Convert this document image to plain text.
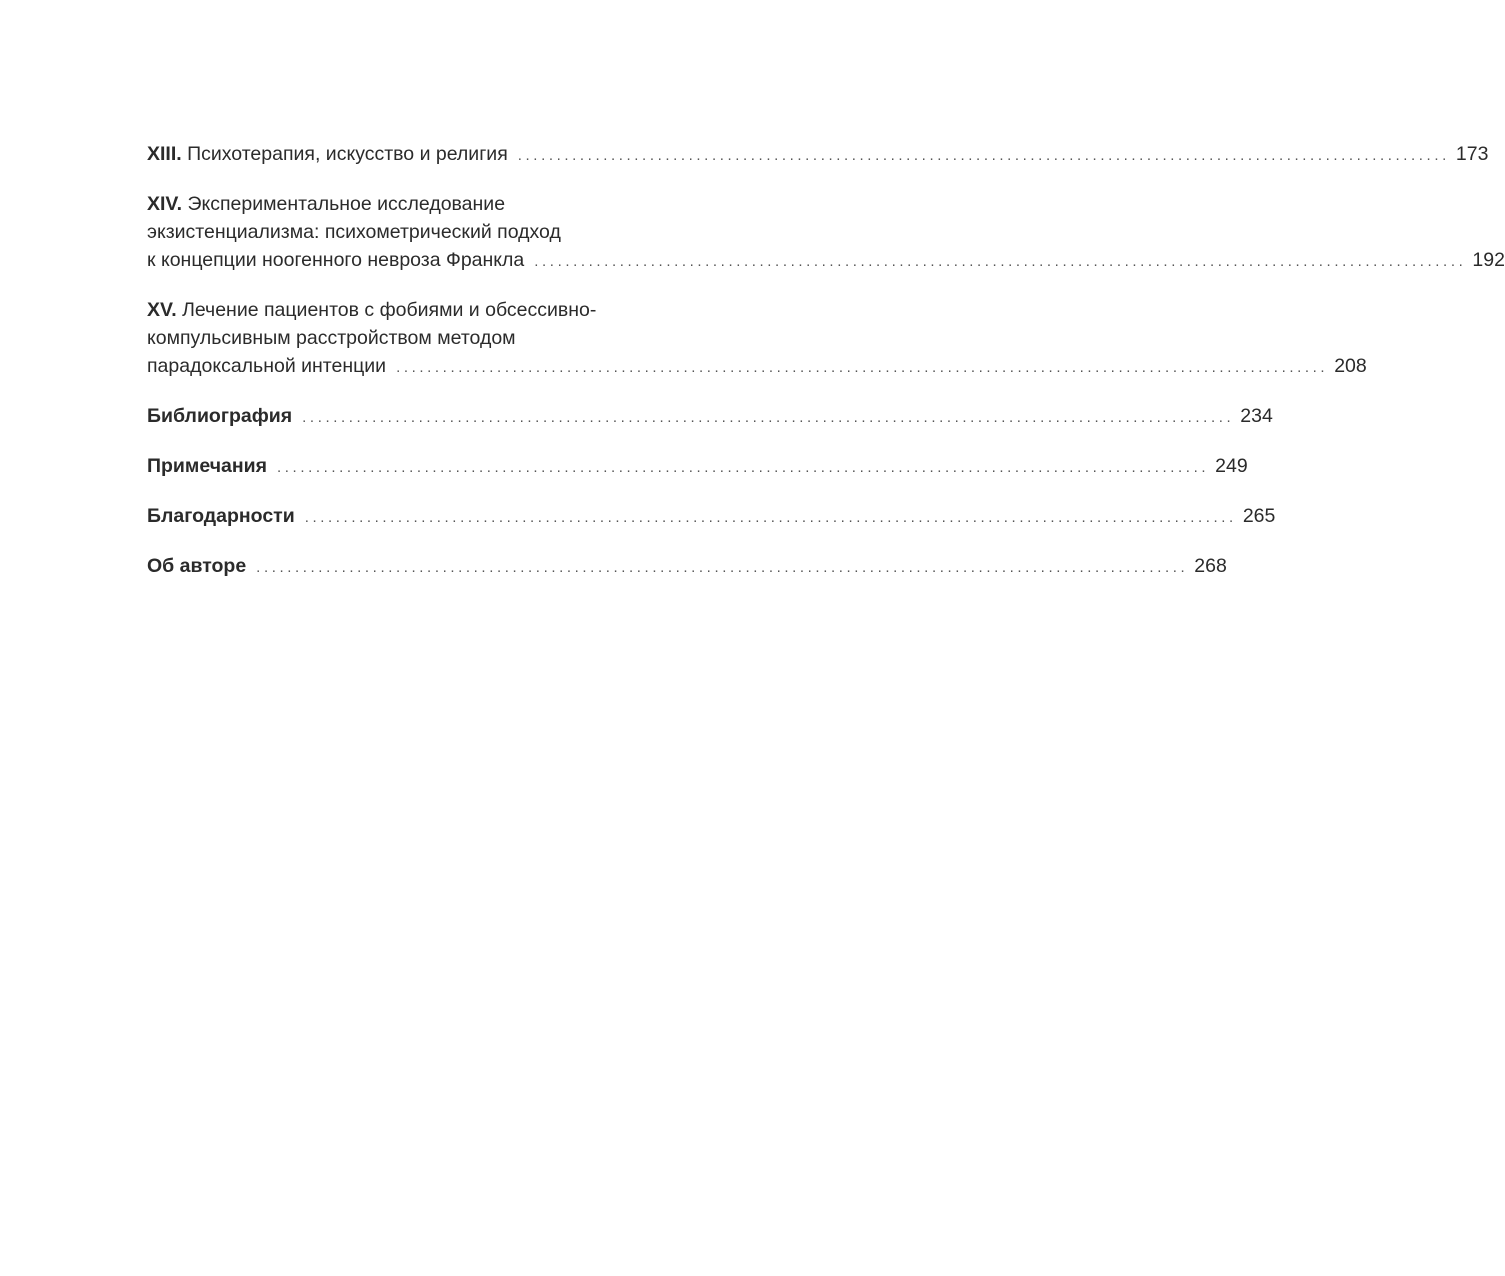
XIII.
Психотерапия, искусство и религия ........................................................................................................................ 173
XIV.
Экспериментальное исследование
экзистенциализма: психометрический подход
к концепции ноогенного невроза Франкла ........................................................................................................................ 192
XV.
Лечение пациентов с фобиями и обсессивно-
компульсивным расстройством методом
парадоксальной интенции ........................................................................................................................ 208
Библиография ........................................................................................................................ 234
Примечания ........................................................................................................................ 249
Благодарности ........................................................................................................................ 265
Об авторе ........................................................................................................................ 268
